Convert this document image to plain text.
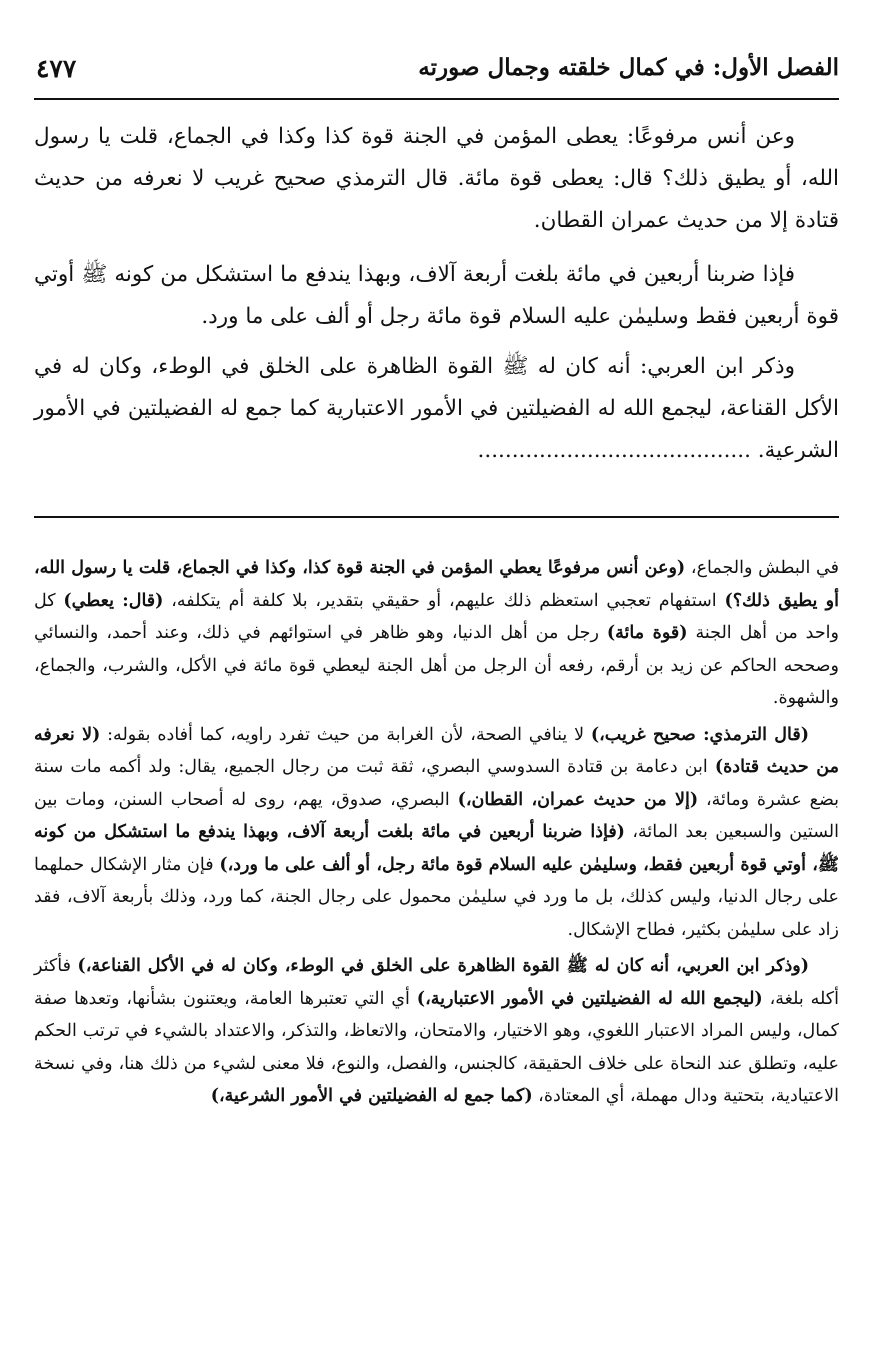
الفصل الأول: في كمال خلقته وجمال صورته
٤٧٧

وعن أنس مرفوعًا: يعطى المؤمن في الجنة قوة كذا وكذا في الجماع، قلت يا رسول الله، أو يطيق ذلك؟ قال: يعطى قوة مائة. قال الترمذي صحيح غريب لا نعرفه من حديث قتادة إلا من حديث عمران القطان.

فإذا ضربنا أربعين في مائة بلغت أربعة آلاف، وبهذا يندفع ما استشكل من كونه ﷺ أوتي قوة أربعين فقط وسليمٰن عليه السلام قوة مائة رجل أو ألف على ما ورد.

وذكر ابن العربي: أنه كان له ﷺ القوة الظاهرة على الخلق في الوطء، وكان له في الأكل القناعة، ليجمع الله له الفضيلتين في الأمور الاعتبارية كما جمع له الفضيلتين في الأمور الشرعية. ........................................

في البطش والجماع، (وعن أنس مرفوعًا يعطي المؤمن في الجنة قوة كذا، وكذا في الجماع، قلت يا رسول الله، أو يطيق ذلك؟) استفهام تعجبي استعظم ذلك عليهم، أو حقيقي بتقدير، بلا كلفة أم يتكلفه، (قال: يعطي) كل واحد من أهل الجنة (قوة مائة) رجل من أهل الدنيا، وهو ظاهر في استوائهم في ذلك، وعند أحمد، والنسائي وصححه الحاكم عن زيد بن أرقم، رفعه أن الرجل من أهل الجنة ليعطي قوة مائة في الأكل، والشرب، والجماع، والشهوة.

(قال الترمذي: صحيح غريب،) لا ينافي الصحة، لأن الغرابة من حيث تفرد راويه، كما أفاده بقوله: (لا نعرفه من حديث قتادة) ابن دعامة بن قتادة السدوسي البصري، ثقة ثبت من رجال الجميع، يقال: ولد أكمه مات سنة بضع عشرة ومائة، (إلا من حديث عمران، القطان،) البصري، صدوق، يهم، روى له أصحاب السنن، ومات بين الستين والسبعين بعد المائة، (فإذا ضربنا أربعين في مائة بلغت أربعة آلاف، وبهذا يندفع ما استشكل من كونه ﷺ، أوتي قوة أربعين فقط، وسليمٰن عليه السلام قوة مائة رجل، أو ألف على ما ورد،) فإن مثار الإشكال حملهما على رجال الدنيا، وليس كذلك، بل ما ورد في سليمٰن محمول على رجال الجنة، كما ورد، وذلك بأربعة آلاف، فقد زاد على سليمٰن بكثير، فطاح الإشكال.

(وذكر ابن العربي، أنه كان له ﷺ القوة الظاهرة على الخلق في الوطء، وكان له في الأكل القناعة،) فأكثر أكله بلغة، (ليجمع الله له الفضيلتين في الأمور الاعتبارية،) أي التي تعتبرها العامة، ويعتنون بشأنها، وتعدها صفة كمال، وليس المراد الاعتبار اللغوي، وهو الاختيار، والامتحان، والاتعاظ، والتذكر، والاعتداد بالشيء في ترتب الحكم عليه، وتطلق عند النحاة على خلاف الحقيقة، كالجنس، والفصل، والنوع، فلا معنى لشيء من ذلك هنا، وفي نسخة الاعتيادية، بتحتية ودال مهملة، أي المعتادة، (كما جمع له الفضيلتين في الأمور الشرعية،)
